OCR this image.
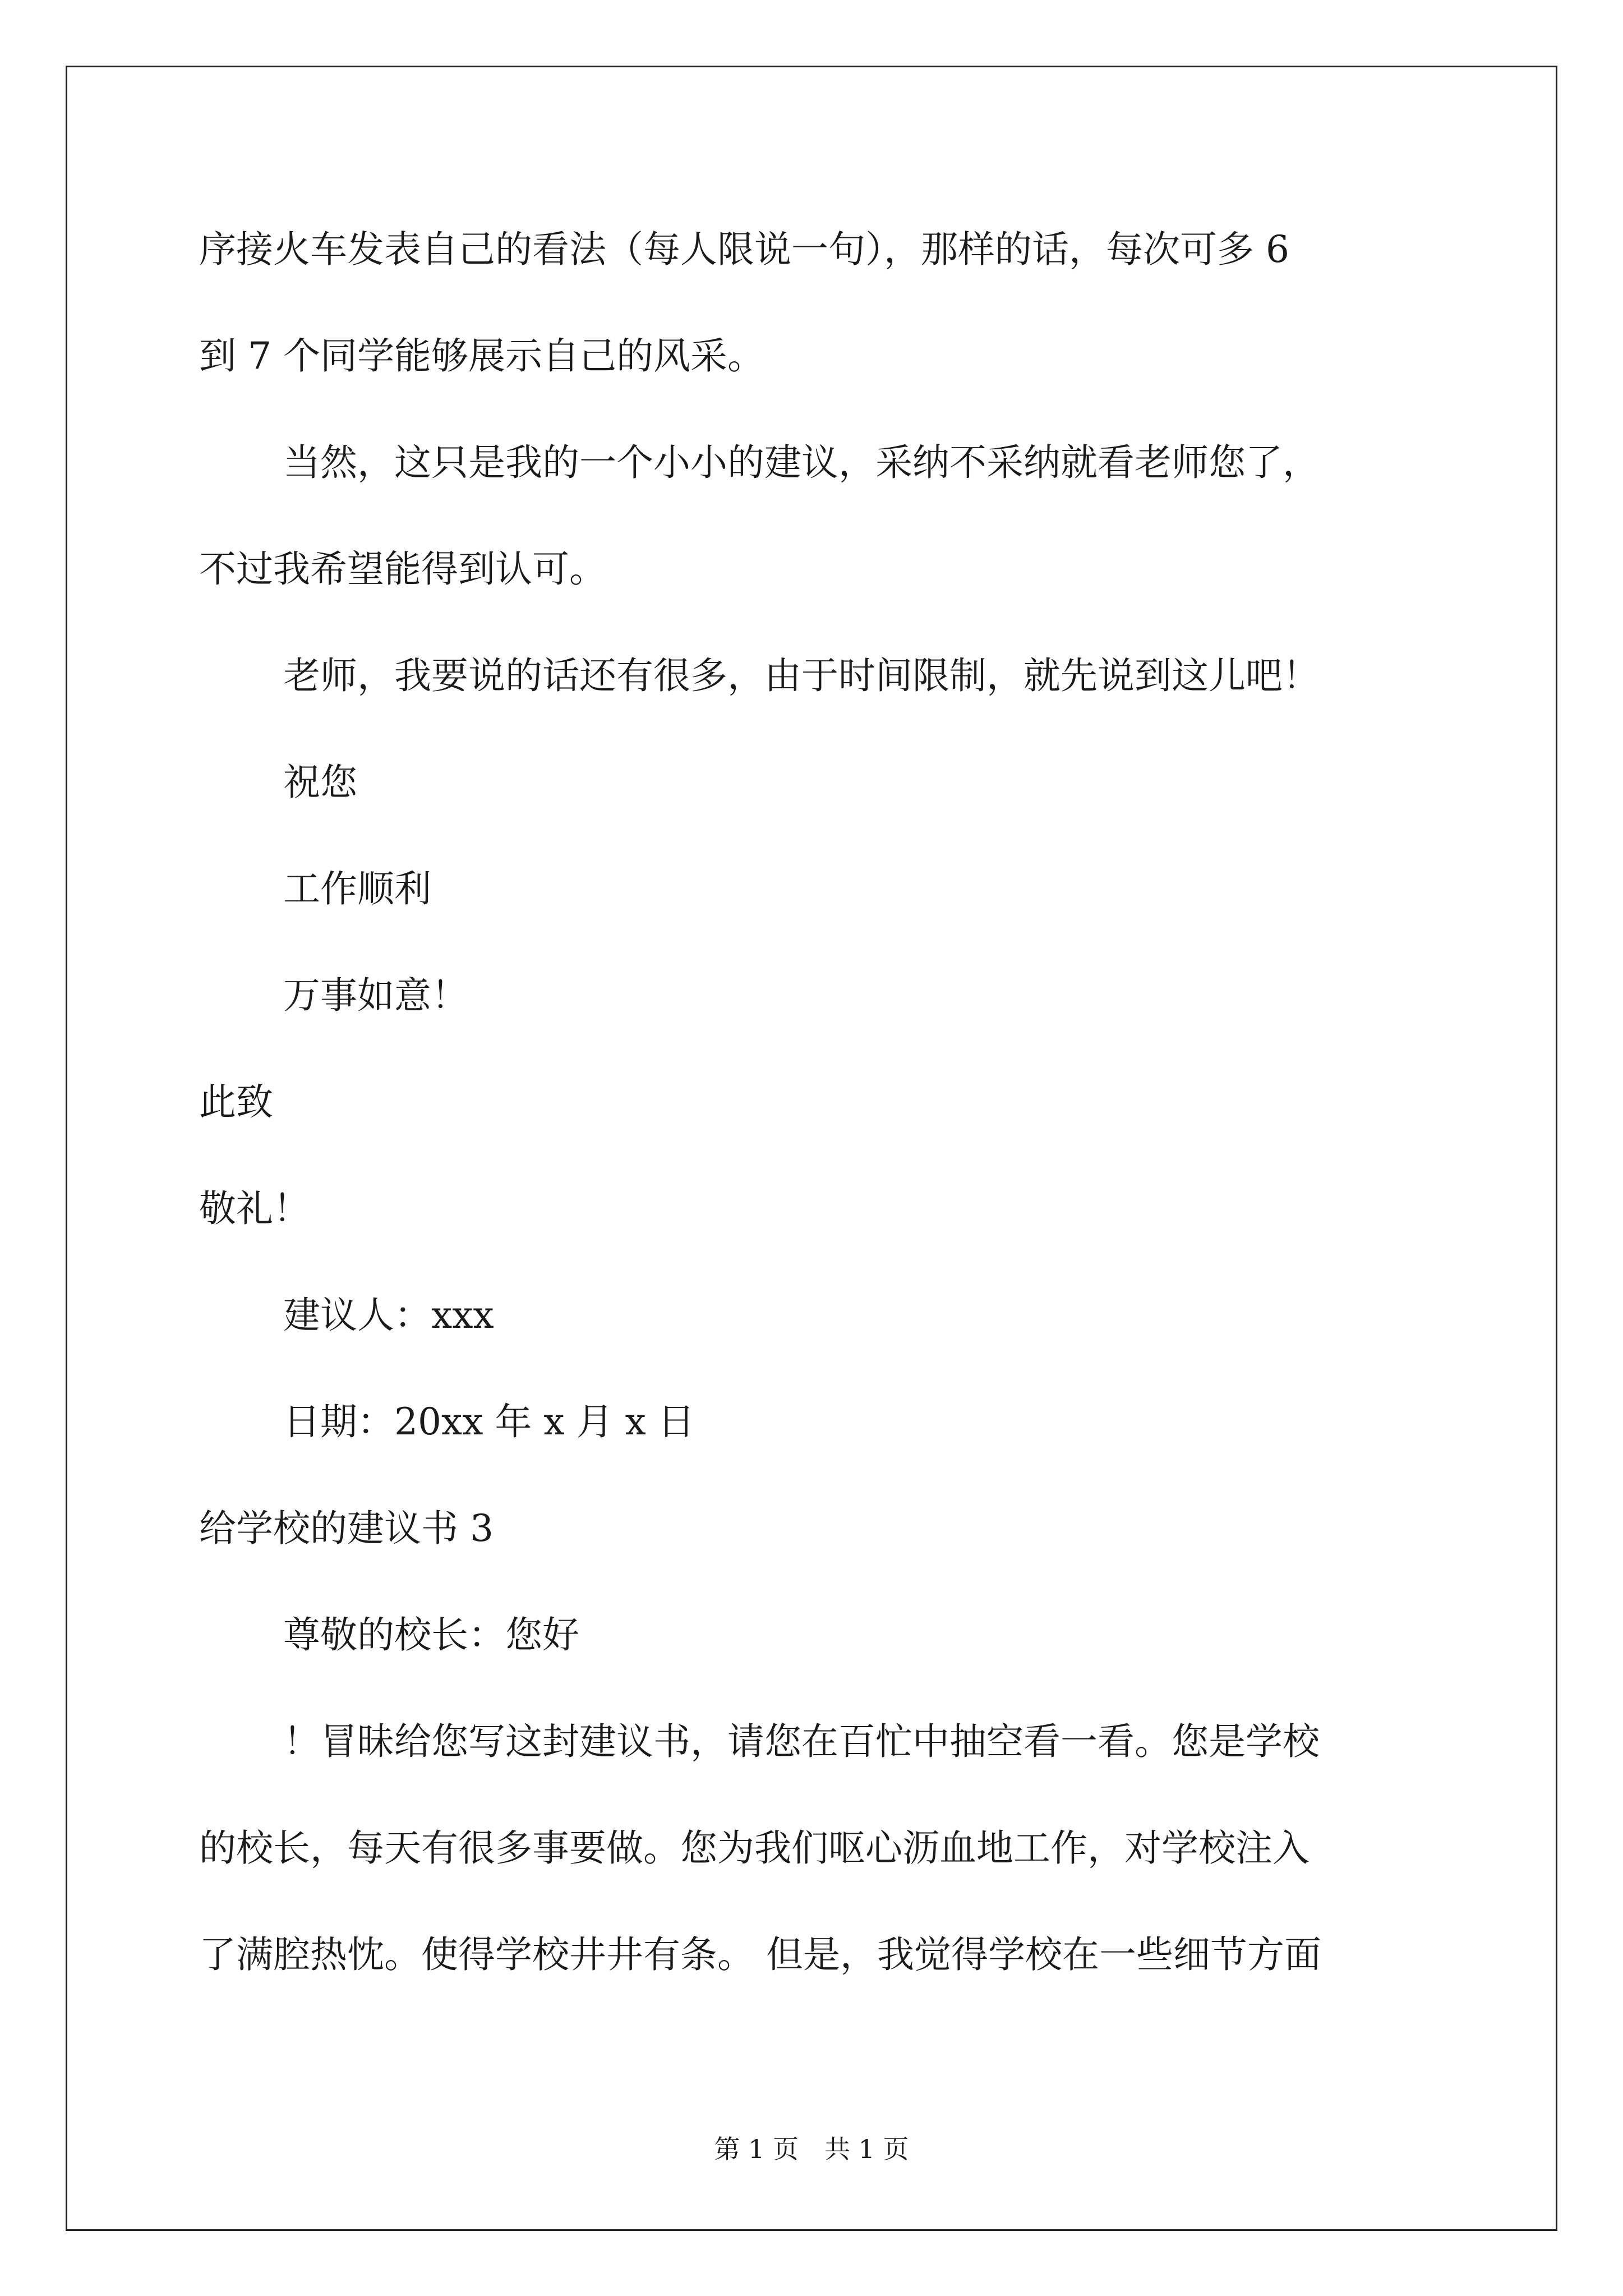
序接火车发表自己的看法（每人限说一句），那样的话，每次可多 6
到 7 个同学能够展示自己的风采。
当然，这只是我的一个小小的建议，采纳不采纳就看老师您了，
不过我希望能得到认可。
老师，我要说的话还有很多，由于时间限制，就先说到这儿吧！
祝您
工作顺利
万事如意！
此致
敬礼！
建议人：xxx
日期：20xx 年 x 月 x 日
给学校的建议书 3
尊敬的校长：您好
！冒昧给您写这封建议书，请您在百忙中抽空看一看。您是学校
的校长，每天有很多事要做。您为我们呕心沥血地工作，对学校注入
了满腔热忱。使得学校井井有条。 但是，我觉得学校在一些细节方面
第 1 页　共 1 页
